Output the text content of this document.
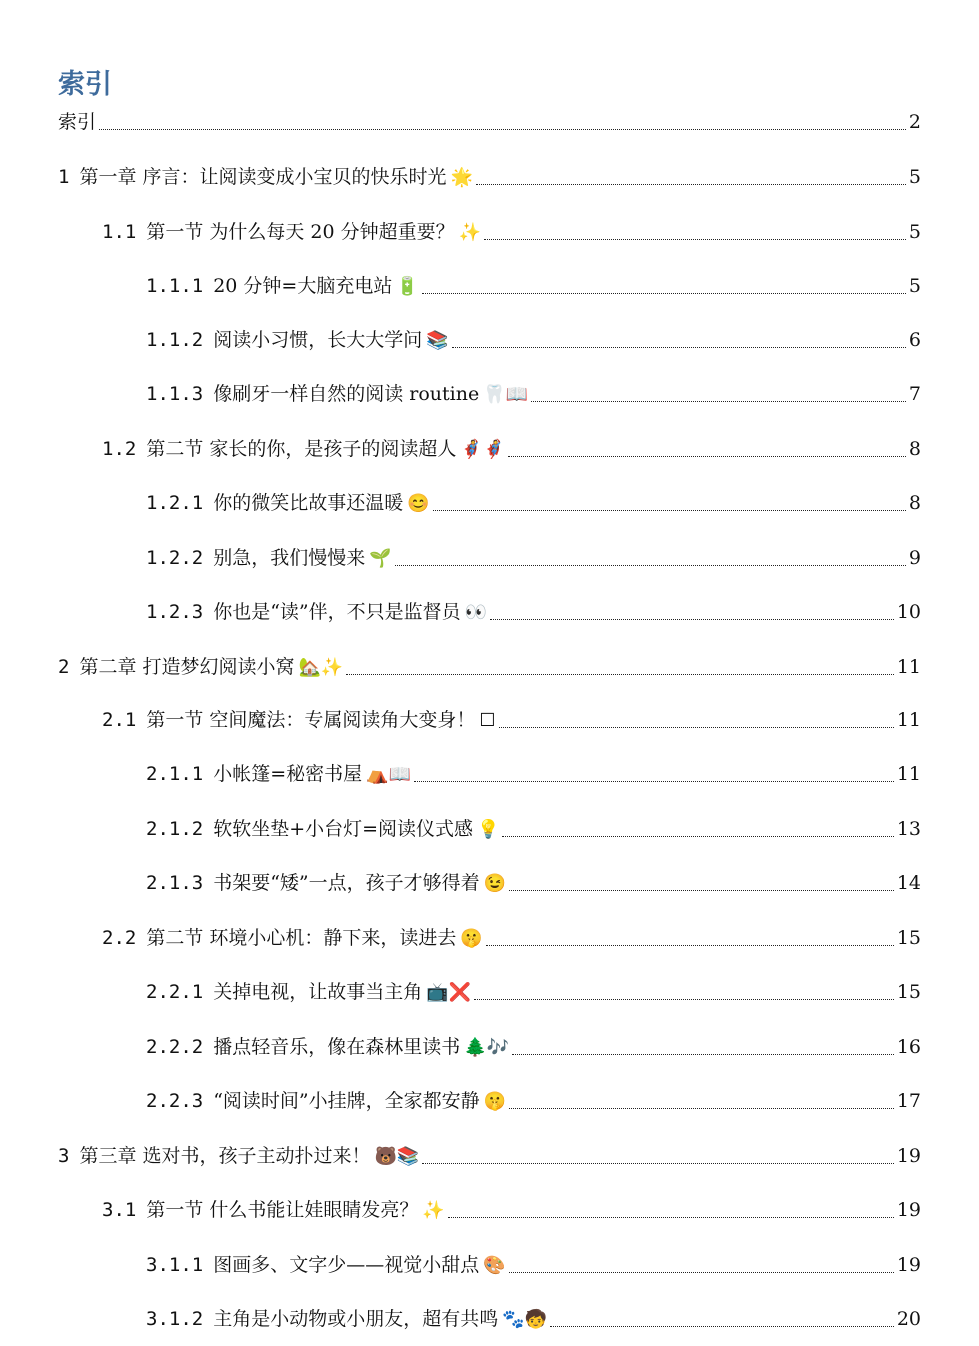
索引
索引	2
1 第一章 序言：让阅读变成小宝贝的快乐时光 🌟	5
1.1 第一节 为什么每天 20 分钟超重要？ ✨	5
1.1.1 20 分钟=大脑充电站 🔋	5
1.1.2 阅读小习惯，长大大学问 📚	6
1.1.3 像刷牙一样自然的阅读 routine 🦷📖	7
1.2 第二节 家长的你，是孩子的阅读超人 🦸🦸	8
1.2.1 你的微笑比故事还温暖 😊	8
1.2.2 别急，我们慢慢来 🌱	9
1.2.3 你也是“读”伴，不只是监督员 👀	10
2 第二章 打造梦幻阅读小窝 🏡✨	11
2.1 第一节 空间魔法：专属阅读角大变身！ ☐	11
2.1.1 小帐篷=秘密书屋 ⛺📖	11
2.1.2 软软坐垫+小台灯=阅读仪式感 💡	13
2.1.3 书架要“矮”一点，孩子才够得着 😉	14
2.2 第二节 环境小心机：静下来，读进去 🤫	15
2.2.1 关掉电视，让故事当主角 📺❌	15
2.2.2 播点轻音乐，像在森林里读书 🌲🎶	16
2.2.3 “阅读时间”小挂牌，全家都安静 🤫	17
3 第三章 选对书，孩子主动扑过来！ 🐻📚	19
3.1 第一节 什么书能让娃眼睛发亮？ ✨	19
3.1.1 图画多、文字少——视觉小甜点 🎨	19
3.1.2 主角是小动物或小朋友，超有共鸣 🐾🧒	20
